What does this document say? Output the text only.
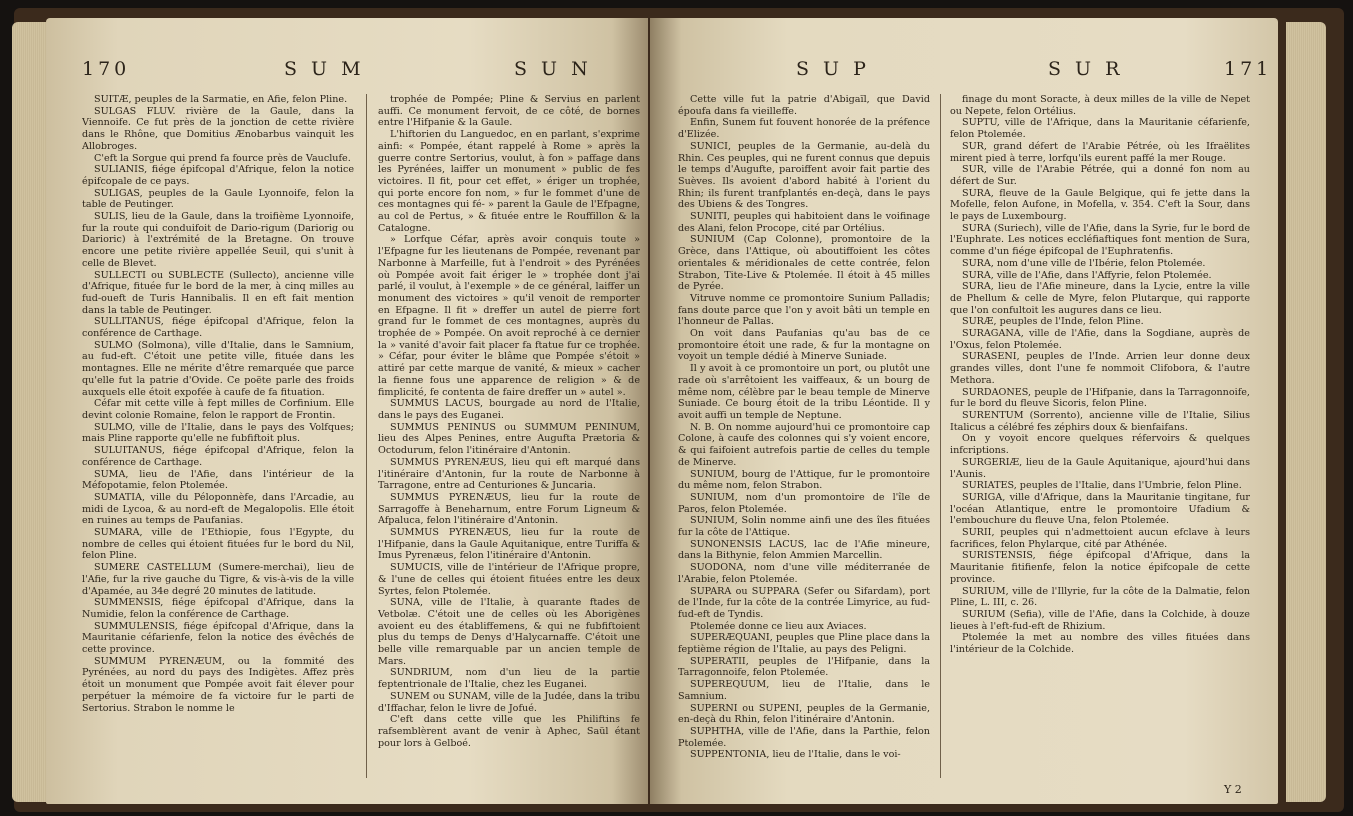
170	S U M	S U N

SUITÆ, peuples de la Sarmatie, en Afie, felon Pline.

SULGAS FLUV. rivière de la Gaule, dans la Viennoife. Ce fut près de la jonction de cette rivière dans le Rhône, que Domitius Ænobarbus vainquit les Allobroges.

C'eft la Sorgue qui prend fa fource près de Vauclufe.

SULIANIS, fiége épifcopal d'Afrique, felon la notice épifcopale de ce pays.

SULIGAS, peuples de la Gaule Lyonnoife, felon la table de Peutinger.

SULIS, lieu de la Gaule, dans la troifième Lyonnoife, fur la route qui conduifoit de Dario-rigum (Dariorig ou Darioric) à l'extrémité de la Bretagne. On trouve encore une petite rivière appellée Seuil, qui s'unit à celle de Blevet.

SULLECTI ou SUBLECTE (Sullecto), ancienne ville d'Afrique, fituée fur le bord de la mer, à cinq milles au fud-oueft de Turis Hannibalis. Il en eft fait mention dans la table de Peutinger.

SULLITANUS, fiége épifcopal d'Afrique, felon la conférence de Carthage.

SULMO (Solmona), ville d'Italie, dans le Samnium, au fud-eft. C'étoit une petite ville, fituée dans les montagnes. Elle ne mérite d'être remarquée que parce qu'elle fut la patrie d'Ovide. Ce poëte parle des froids auxquels elle étoit expofée à caufe de fa fituation.

Céfar mit cette ville à fept milles de Corfinium. Elle devint colonie Romaine, felon le rapport de Frontin.

SULMO, ville de l'Italie, dans le pays des Volfques; mais Pline rapporte qu'elle ne fubfiftoit plus.

SULUITANUS, fiége épifcopal d'Afrique, felon la conférence de Carthage.

SUMA, lieu de l'Afie, dans l'intérieur de la Méfopotamie, felon Ptolemée.

SUMATIA, ville du Péloponnèfe, dans l'Arcadie, au midi de Lycoa, & au nord-eft de Megalopolis. Elle étoit en ruines au temps de Paufanias.

SUMARA, ville de l'Ethiopie, fous l'Egypte, du nombre de celles qui étoient fituées fur le bord du Nil, felon Pline.

SUMERE CASTELLUM (Sumere-merchai), lieu de l'Afie, fur la rive gauche du Tigre, & vis-à-vis de la ville d'Apamée, au 34e degré 20 minutes de latitude.

SUMMENSIS, fiége épifcopal d'Afrique, dans la Numidie, felon la conférence de Carthage.

SUMMULENSIS, fiége épifcopal d'Afrique, dans la Mauritanie céfarienfe, felon la notice des évêchés de cette province.

SUMMUM PYRENÆUM, ou la fommité des Pyrénées, au nord du pays des Indigètes. Affez près étoit un monument que Pompée avoit fait élever pour perpétuer la mémoire de fa victoire fur le parti de Sertorius. Strabon le nomme le

trophée de Pompée; Pline & Servius en parlent auffi. Ce monument fervoit, de ce côté, de bornes entre l'Hifpanie & la Gaule.

L'hiftorien du Languedoc, en en parlant, s'exprime ainfi: « Pompée, étant rappelé à Rome » après la guerre contre Sertorius, voulut, à fon » paffage dans les Pyrénées, laiffer un monument » public de fes victoires. Il fit, pour cet effet, » ériger un trophée, qui porte encore fon nom, » fur le fommet d'une de ces montagnes qui fé- » parent la Gaule de l'Efpagne, au col de Pertus, » & fituée entre le Rouffillon & la Catalogne.

» Lorfque Céfar, après avoir conquis toute » l'Efpagne fur les lieutenans de Pompée, revenant par Narbonne à Marfeille, fut à l'endroit » des Pyrénées où Pompée avoit fait ériger le » trophée dont j'ai parlé, il voulut, à l'exemple » de ce général, laiffer un monument des victoires » qu'il venoit de remporter en Efpagne. Il fit » dreffer un autel de pierre fort grand fur le fommet de ces montagnes, auprès du trophée de » Pompée. On avoit reproché à ce dernier la » vanité d'avoir fait placer fa ftatue fur ce trophée. » Céfar, pour éviter le blâme que Pompée s'étoit » attiré par cette marque de vanité, & mieux » cacher la fienne fous une apparence de religion » & de fimplicité, fe contenta de faire dreffer un » autel ».

SUMMUS LACUS, bourgade au nord de l'Italie, dans le pays des Euganei.

SUMMUS PENINUS ou SUMMUM PENINUM, lieu des Alpes Penines, entre Augufta Prætoria & Octodurum, felon l'itinéraire d'Antonin.

SUMMUS PYRENÆUS, lieu qui eft marqué dans l'itinéraire d'Antonin, fur la route de Narbonne à Tarragone, entre ad Centuriones & Juncaria.

SUMMUS PYRENÆUS, lieu fur la route de Sarragoffe à Beneharnum, entre Forum Ligneum & Afpaluca, felon l'itinéraire d'Antonin.

SUMMUS PYRENÆUS, lieu fur la route de l'Hifpanie, dans la Gaule Aquitanique, entre Turiffa & Imus Pyrenæus, felon l'itinéraire d'Antonin.

SUMUCIS, ville de l'intérieur de l'Afrique propre, & l'une de celles qui étoient fituées entre les deux Syrtes, felon Ptolemée.

SUNA, ville de l'Italie, à quarante ftades de Vetbolæ. C'étoit une de celles où les Aborigènes avoient eu des établiffemens, & qui ne fubfiftoient plus du temps de Denys d'Halycarnaffe. C'étoit une belle ville remarquable par un ancien temple de Mars.

SUNDRIUM, nom d'un lieu de la partie feptentrionale de l'Italie, chez les Euganei.

SUNEM ou SUNAM, ville de la Judée, dans la tribu d'Iffachar, felon le livre de Jofué.

C'eft dans cette ville que les Philiftins fe rafsemblèrent avant de venir à Aphec, Saül étant pour lors à Gelboé.

S U P	S U R	171

Cette ville fut la patrie d'Abigaïl, que David époufa dans fa vieilleffe.

Enfin, Sunem fut fouvent honorée de la préfence d'Elizée.

SUNICI, peuples de la Germanie, au-delà du Rhin. Ces peuples, qui ne furent connus que depuis le temps d'Augufte, paroiffent avoir fait partie des Suèves. Ils avoient d'abord habité à l'orient du Rhin; ils furent tranfplantés en-deçà, dans le pays des Ubiens & des Tongres.

SUNITI, peuples qui habitoient dans le voifinage des Alani, felon Procope, cité par Ortélius.

SUNIUM (Cap Colonne), promontoire de la Grèce, dans l'Attique, où aboutiffoient les côtes orientales & méridionales de cette contrée, felon Strabon, Tite-Live & Ptolemée. Il étoit à 45 milles de Pyrée.

Vitruve nomme ce promontoire Sunium Palladis; fans doute parce que l'on y avoit bâti un temple en l'honneur de Pallas.

On voit dans Paufanias qu'au bas de ce promontoire étoit une rade, & fur la montagne on voyoit un temple dédié à Minerve Suniade.

Il y avoit à ce promontoire un port, ou plutôt une rade où s'arrêtoient les vaiffeaux, & un bourg de même nom, célèbre par le beau temple de Minerve Suniade. Ce bourg étoit de la tribu Léontide. Il y avoit auffi un temple de Neptune.

N. B. On nomme aujourd'hui ce promontoire cap Colone, à caufe des colonnes qui s'y voient encore, & qui faifoient autrefois partie de celles du temple de Minerve.

SUNIUM, bourg de l'Attique, fur le promontoire du même nom, felon Strabon.

SUNIUM, nom d'un promontoire de l'île de Paros, felon Ptolemée.

SUNIUM, Solin nomme ainfi une des îles fituées fur la côte de l'Attique.

SUNONENSIS LACUS, lac de l'Afie mineure, dans la Bithynie, felon Ammien Marcellin.

SUODONA, nom d'une ville méditerranée de l'Arabie, felon Ptolemée.

SUPARA ou SUPPARA (Sefer ou Sifardam), port de l'Inde, fur la côte de la contrée Limyrice, au fud-fud-eft de Tyndis.

Ptolemée donne ce lieu aux Aviaces.

SUPERÆQUANI, peuples que Pline place dans la feptième région de l'Italie, au pays des Peligni.

SUPERATII, peuples de l'Hifpanie, dans la Tarragonnoife, felon Ptolemée.

SUPEREQUUM, lieu de l'Italie, dans le Samnium.

SUPERNI ou SUPENI, peuples de la Germanie, en-deçà du Rhin, felon l'itinéraire d'Antonin.

SUPHTHA, ville de l'Afie, dans la Parthie, felon Ptolemée.

SUPPENTONIA, lieu de l'Italie, dans le voi-

finage du mont Soracte, à deux milles de la ville de Nepet ou Nepete, felon Ortélius.

SUPTU, ville de l'Afrique, dans la Mauritanie céfarienfe, felon Ptolemée.

SUR, grand défert de l'Arabie Pétrée, où les Ifraëlites mirent pied à terre, lorfqu'ils eurent paffé la mer Rouge.

SUR, ville de l'Arabie Pétrée, qui a donné fon nom au défert de Sur.

SURA, fleuve de la Gaule Belgique, qui fe jette dans la Mofelle, felon Aufone, in Mofella, v. 354. C'eft la Sour, dans le pays de Luxembourg.

SURA (Suriech), ville de l'Afie, dans la Syrie, fur le bord de l'Euphrate. Les notices eccléfiaftiques font mention de Sura, comme d'un fiége épifcopal de l'Euphratenfis.

SURA, nom d'une ville de l'Ibérie, felon Ptolemée.

SURA, ville de l'Afie, dans l'Affyrie, felon Ptolemée.

SURA, lieu de l'Afie mineure, dans la Lycie, entre la ville de Phellum & celle de Myre, felon Plutarque, qui rapporte que l'on confultoit les augures dans ce lieu.

SURÆ, peuples de l'Inde, felon Pline.

SURAGANA, ville de l'Afie, dans la Sogdiane, auprès de l'Oxus, felon Ptolemée.

SURASENI, peuples de l'Inde. Arrien leur donne deux grandes villes, dont l'une fe nommoit Clifobora, & l'autre Methora.

SURDAONES, peuple de l'Hifpanie, dans la Tarragonnoife, fur le bord du fleuve Sicoris, felon Pline.

SURENTUM (Sorrento), ancienne ville de l'Italie, Silius Italicus a célébré fes zéphirs doux & bienfaifans.

On y voyoit encore quelques réfervoirs & quelques infcriptions.

SURGERIÆ, lieu de la Gaule Aquitanique, ajourd'hui dans l'Aunis.

SURIATES, peuples de l'Italie, dans l'Umbrie, felon Pline.

SURIGA, ville d'Afrique, dans la Mauritanie tingitane, fur l'océan Atlantique, entre le promontoire Ufadium & l'embouchure du fleuve Una, felon Ptolemée.

SURII, peuples qui n'admettoient aucun efclave à leurs facrifices, felon Phylarque, cité par Athénée.

SURISTENSIS, fiége épifcopal d'Afrique, dans la Mauritanie fitifienfe, felon la notice épifcopale de cette province.

SURIUM, ville de l'Illyrie, fur la côte de la Dalmatie, felon Pline, L. III, c. 26.

SURIUM (Sefia), ville de l'Afie, dans la Colchide, à douze lieues à l'eft-fud-eft de Rhizium.

Ptolemée la met au nombre des villes fituées dans l'intérieur de la Colchide.

Y 2
